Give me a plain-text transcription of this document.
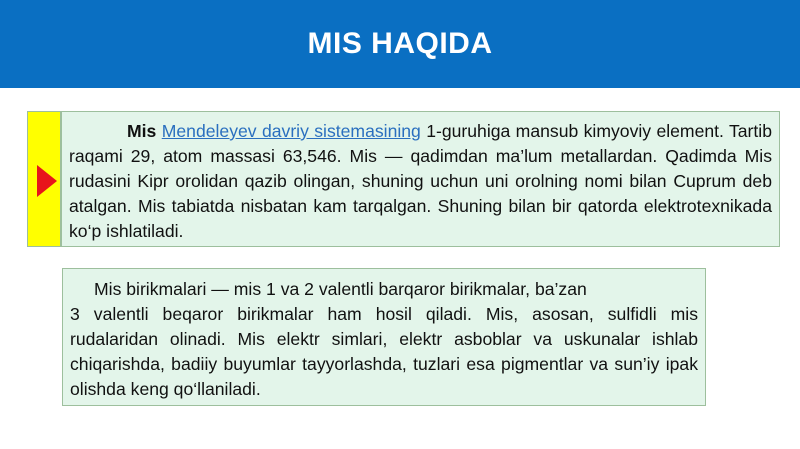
MIS HAQIDA

Mis Mendeleyev davriy sistemasining 1-guruhiga mansub kimyoviy element. Tartib raqami 29, atom massasi 63,546. Mis — qadimdan ma’lum metallardan. Qadimda Mis rudasini Kipr orolidan qazib olingan, shuning uchun uni orolning nomi bilan Cuprum deb atalgan. Mis tabiatda nisbatan kam tarqalgan. Shuning bilan bir qatorda elektrotexnikada ko‘p ishlatiladi.

Mis birikmalari — mis 1 va 2 valentli barqaror birikmalar, ba’zan

3 valentli beqaror birikmalar ham hosil qiladi. Mis, asosan, sulfidli mis rudalaridan olinadi. Mis elektr simlari, elektr asboblar va uskunalar ishlab chiqarishda, badiiy buyumlar tayyorlashda, tuzlari esa pigmentlar va sun’iy ipak olishda keng qo‘llaniladi.
